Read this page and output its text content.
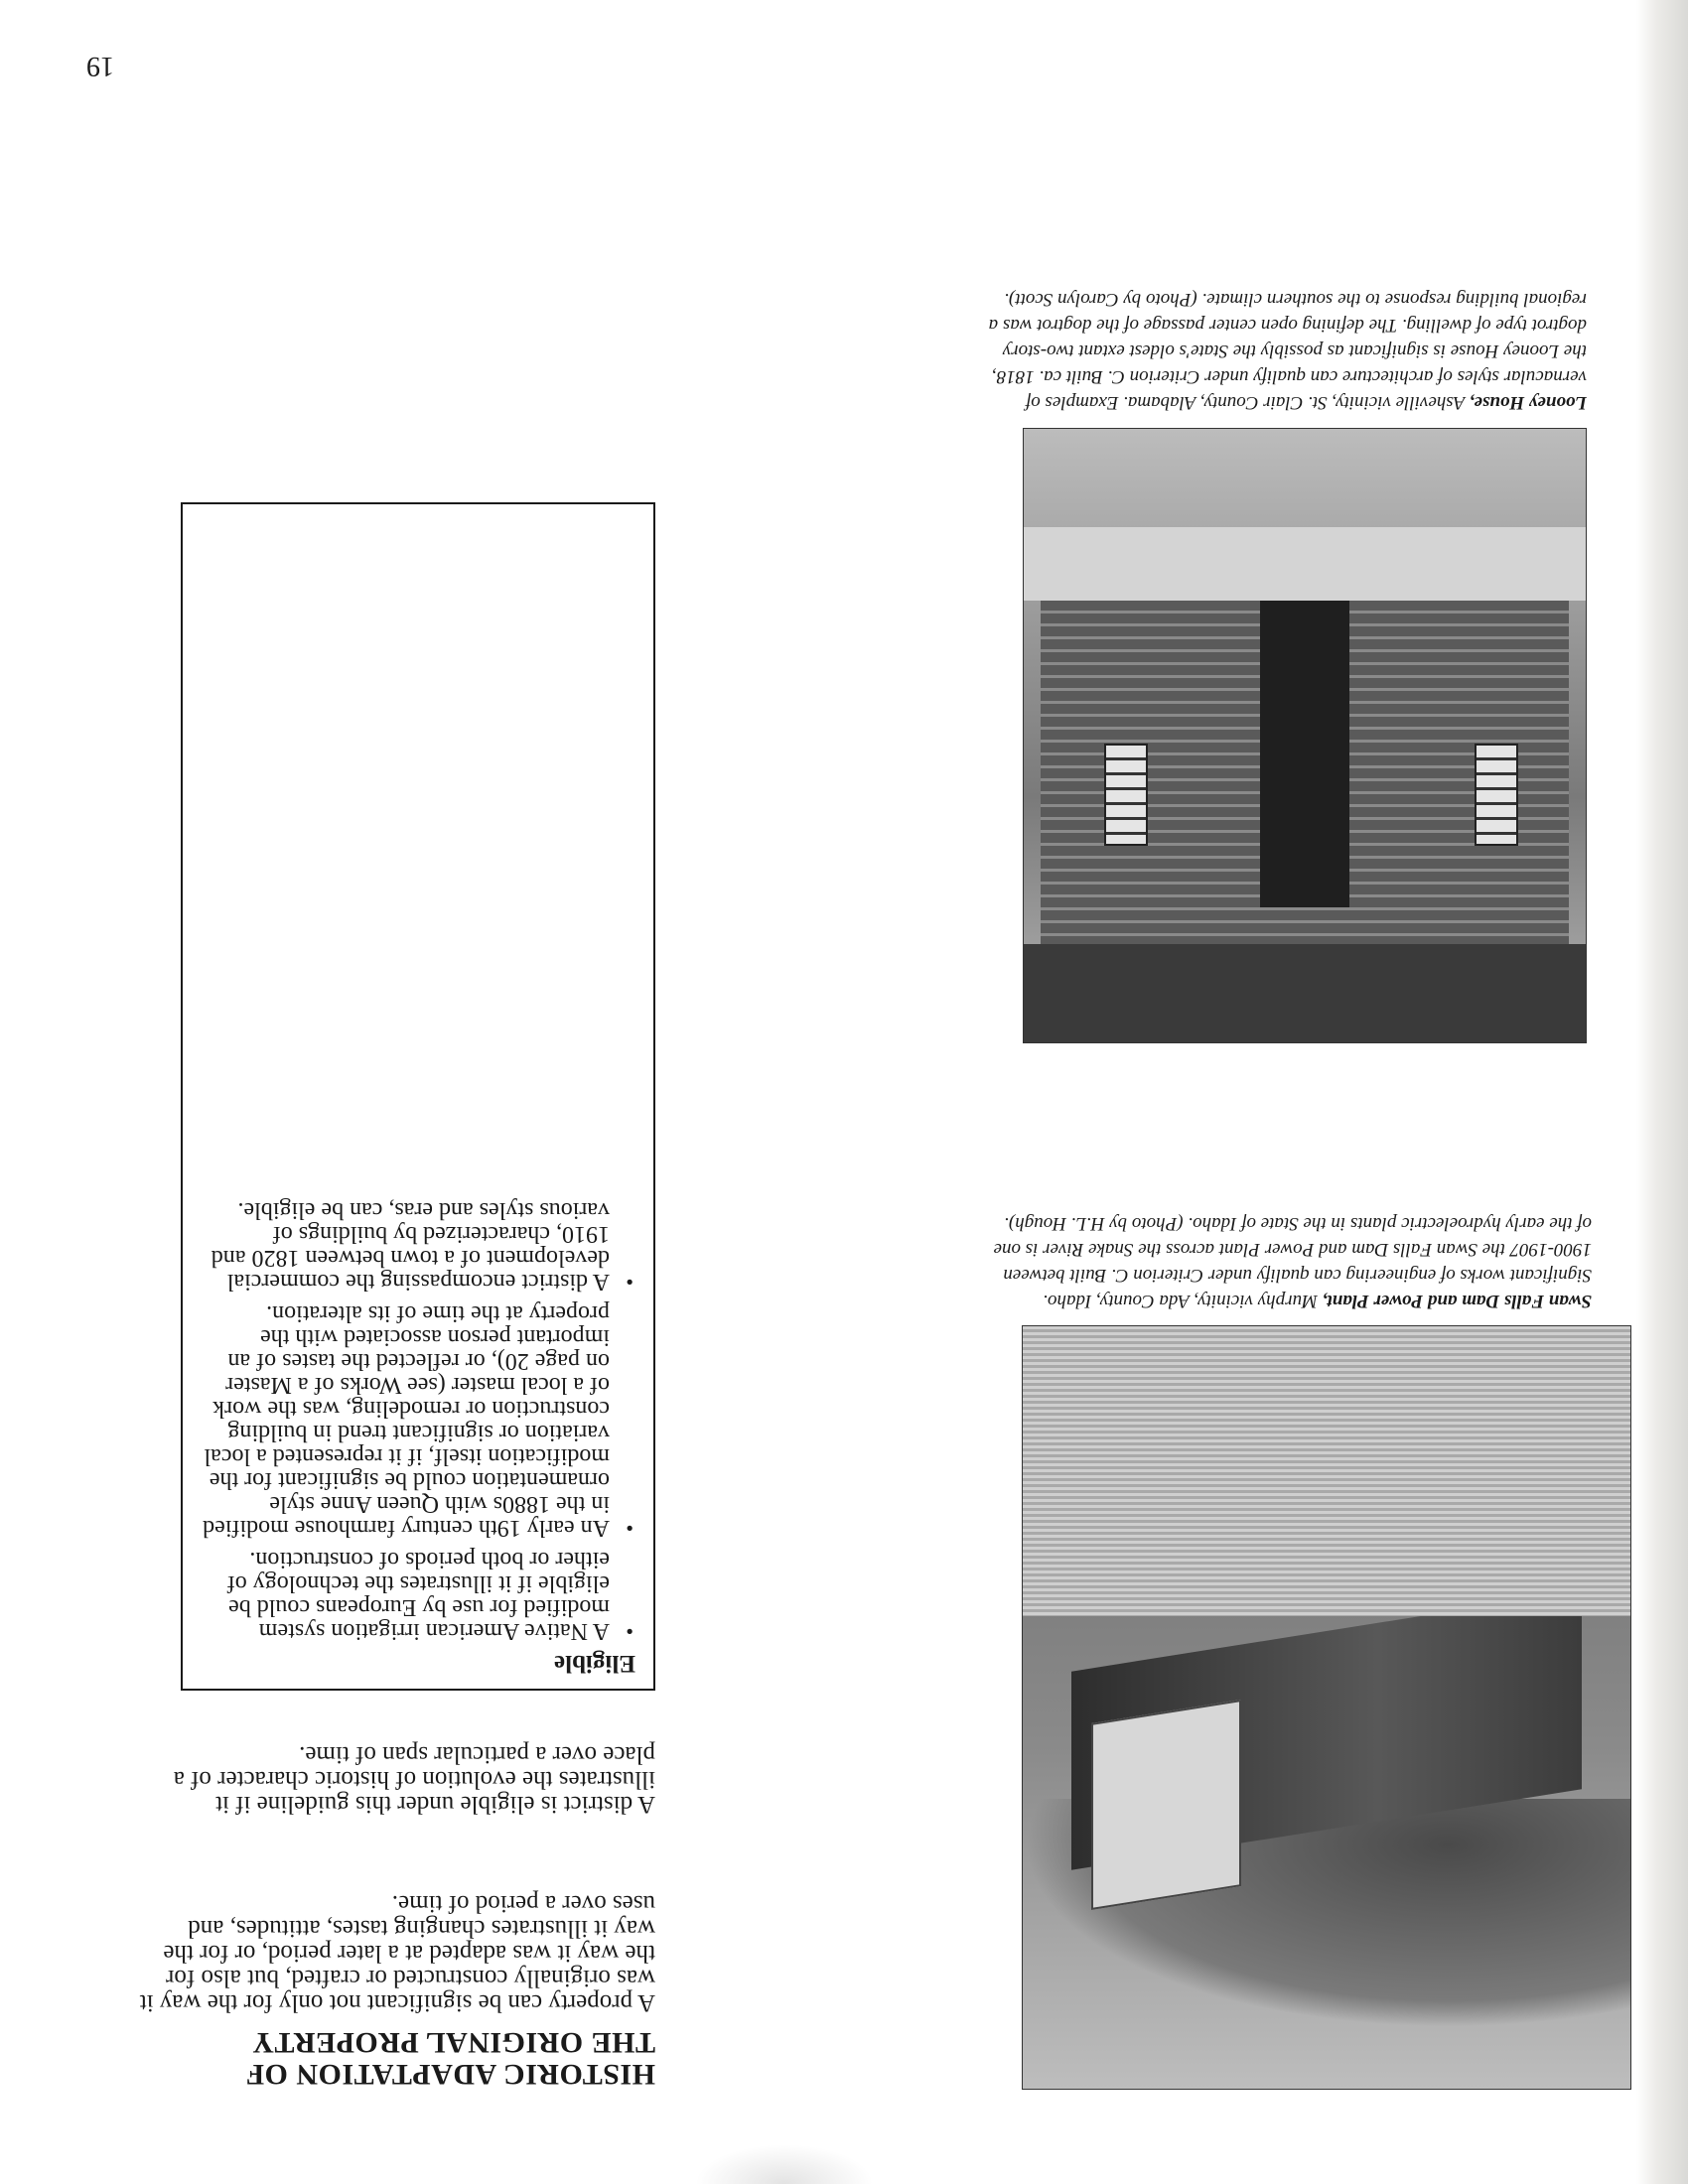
Swan Falls Dam and Power Plant, Murphy vicinity, Ada County, Idaho. Significant works of engineering can qualify under Criterion C. Built between 1900-1907 the Swan Falls Dam and Power Plant across the Snake River is one of the early hydroelectric plants in the State of Idaho. (Photo by H.L. Hough).

Looney House, Asheville vicinity, St. Clair County, Alabama. Examples of vernacular styles of architecture can qualify under Criterion C. Built ca. 1818, the Looney House is significant as possibly the State's oldest extant two-story dogtrot type of dwelling. The defining open center passage of the dogtrot was a regional building response to the southern climate. (Photo by Carolyn Scott).

HISTORIC ADAPTATION OF
THE ORIGINAL PROPERTY

A property can be significant not only for the way it was originally constructed or crafted, but also for the way it was adapted at a later period, or for the way it illustrates changing tastes, attitudes, and uses over a period of time.

A district is eligible under this guideline if it illustrates the evolution of historic character of a place over a particular span of time.

Eligible
• A Native American irrigation system modified for use by Europeans could be eligible if it illustrates the technology of either or both periods of construction.
• An early 19th century farmhouse modified in the 1880s with Queen Anne style ornamentation could be significant for the modification itself, if it represented a local variation or significant trend in building construction or remodeling, was the work of a local master (see Works of a Master on page 20), or reflected the tastes of an important person associated with the property at the time of its alteration.
• A district encompassing the commercial development of a town between 1820 and 1910, characterized by buildings of various styles and eras, can be eligible.

19
